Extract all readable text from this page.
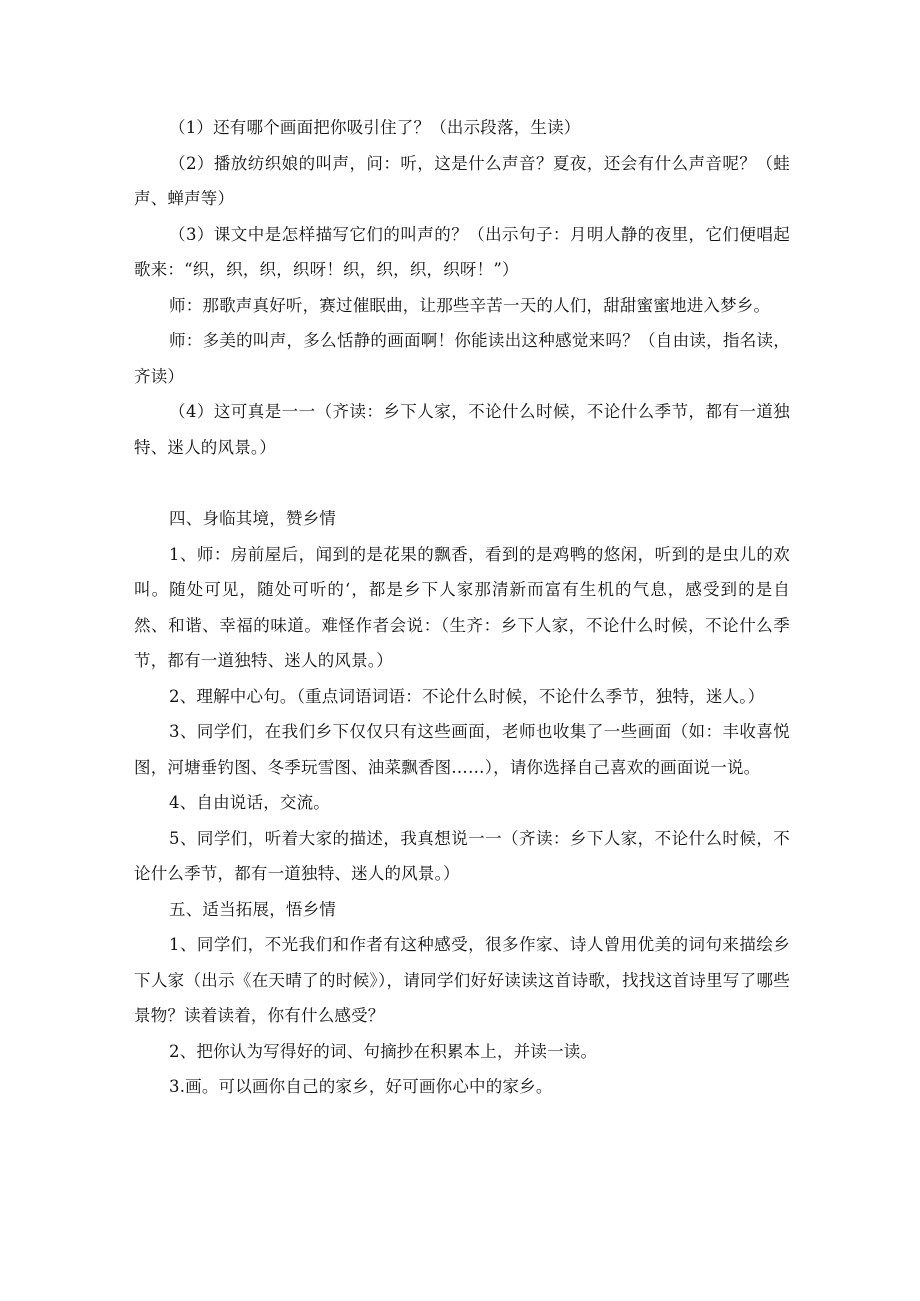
（1）还有哪个画面把你吸引住了？（出示段落，生读）

（2）播放纺织娘的叫声，问：听，这是什么声音？夏夜，还会有什么声音呢？（蛙声、蝉声等）

（3）课文中是怎样描写它们的叫声的？（出示句子：月明人静的夜里，它们便唱起歌来：“织，织，织，织呀！织，织，织，织呀！”）

师：那歌声真好听，赛过催眠曲，让那些辛苦一天的人们，甜甜蜜蜜地进入梦乡。

师：多美的叫声，多么恬静的画面啊！你能读出这种感觉来吗？（自由读，指名读，齐读）

（4）这可真是一一（齐读：乡下人家，不论什么时候，不论什么季节，都有一道独特、迷人的风景。）

四、身临其境，赞乡情

1、师：房前屋后，闻到的是花果的飘香，看到的是鸡鸭的悠闲，听到的是虫儿的欢叫。随处可见，随处可听的‘，都是乡下人家那清新而富有生机的气息，感受到的是自然、和谐、幸福的味道。难怪作者会说：（生齐：乡下人家，不论什么时候，不论什么季节，都有一道独特、迷人的风景。）

2、理解中心句。（重点词语词语：不论什么时候，不论什么季节，独特，迷人。）

3、同学们，在我们乡下仅仅只有这些画面，老师也收集了一些画面（如：丰收喜悦图，河塘垂钓图、冬季玩雪图、油菜飘香图……），请你选择自己喜欢的画面说一说。

4、自由说话，交流。

5、同学们，听着大家的描述，我真想说一一（齐读：乡下人家，不论什么时候，不论什么季节，都有一道独特、迷人的风景。）

五、适当拓展，悟乡情

1、同学们，不光我们和作者有这种感受，很多作家、诗人曾用优美的词句来描绘乡下人家（出示《在天晴了的时候》），请同学们好好读读这首诗歌，找找这首诗里写了哪些景物？读着读着，你有什么感受？

2、把你认为写得好的词、句摘抄在积累本上，并读一读。

3.画。可以画你自己的家乡，好可画你心中的家乡。
